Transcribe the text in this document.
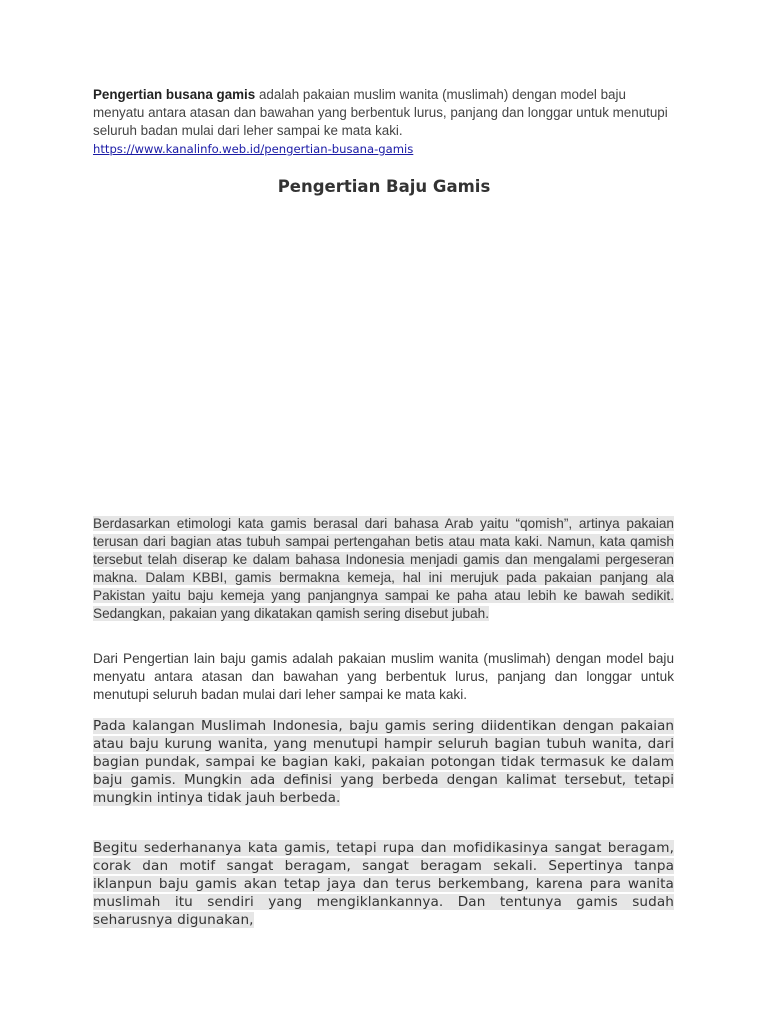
Pengertian busana gamis adalah pakaian muslim wanita (muslimah) dengan model baju menyatu antara atasan dan bawahan yang berbentuk lurus, panjang dan longgar untuk menutupi seluruh badan mulai dari leher sampai ke mata kaki.

https://www.kanalinfo.web.id/pengertian-busana-gamis
Pengertian Baju Gamis

Berdasarkan etimologi kata gamis berasal dari bahasa Arab yaitu “qomish”, artinya pakaian terusan dari bagian atas tubuh sampai pertengahan betis atau mata kaki. Namun, kata qamish tersebut telah diserap ke dalam bahasa Indonesia menjadi gamis dan mengalami pergeseran makna. Dalam KBBI, gamis bermakna kemeja, hal ini merujuk pada pakaian panjang ala Pakistan yaitu baju kemeja yang panjangnya sampai ke paha atau lebih ke bawah sedikit. Sedangkan, pakaian yang dikatakan qamish sering disebut jubah.

Dari Pengertian lain baju gamis adalah pakaian muslim wanita (muslimah) dengan model baju menyatu antara atasan dan bawahan yang berbentuk lurus, panjang dan longgar untuk menutupi seluruh badan mulai dari leher sampai ke mata kaki.

Pada kalangan Muslimah Indonesia, baju gamis sering diidentikan dengan pakaian atau baju kurung wanita, yang menutupi hampir seluruh bagian tubuh wanita, dari bagian pundak, sampai ke bagian kaki, pakaian potongan tidak termasuk ke dalam baju gamis. Mungkin ada definisi yang berbeda dengan kalimat tersebut, tetapi mungkin intinya tidak jauh berbeda.

Begitu sederhananya kata gamis, tetapi rupa dan mofidikasinya sangat beragam, corak dan motif sangat beragam, sangat beragam sekali. Sepertinya tanpa iklanpun baju gamis akan tetap jaya dan terus berkembang, karena para wanita muslimah itu sendiri yang mengiklankannya. Dan tentunya gamis sudah seharusnya digunakan,
